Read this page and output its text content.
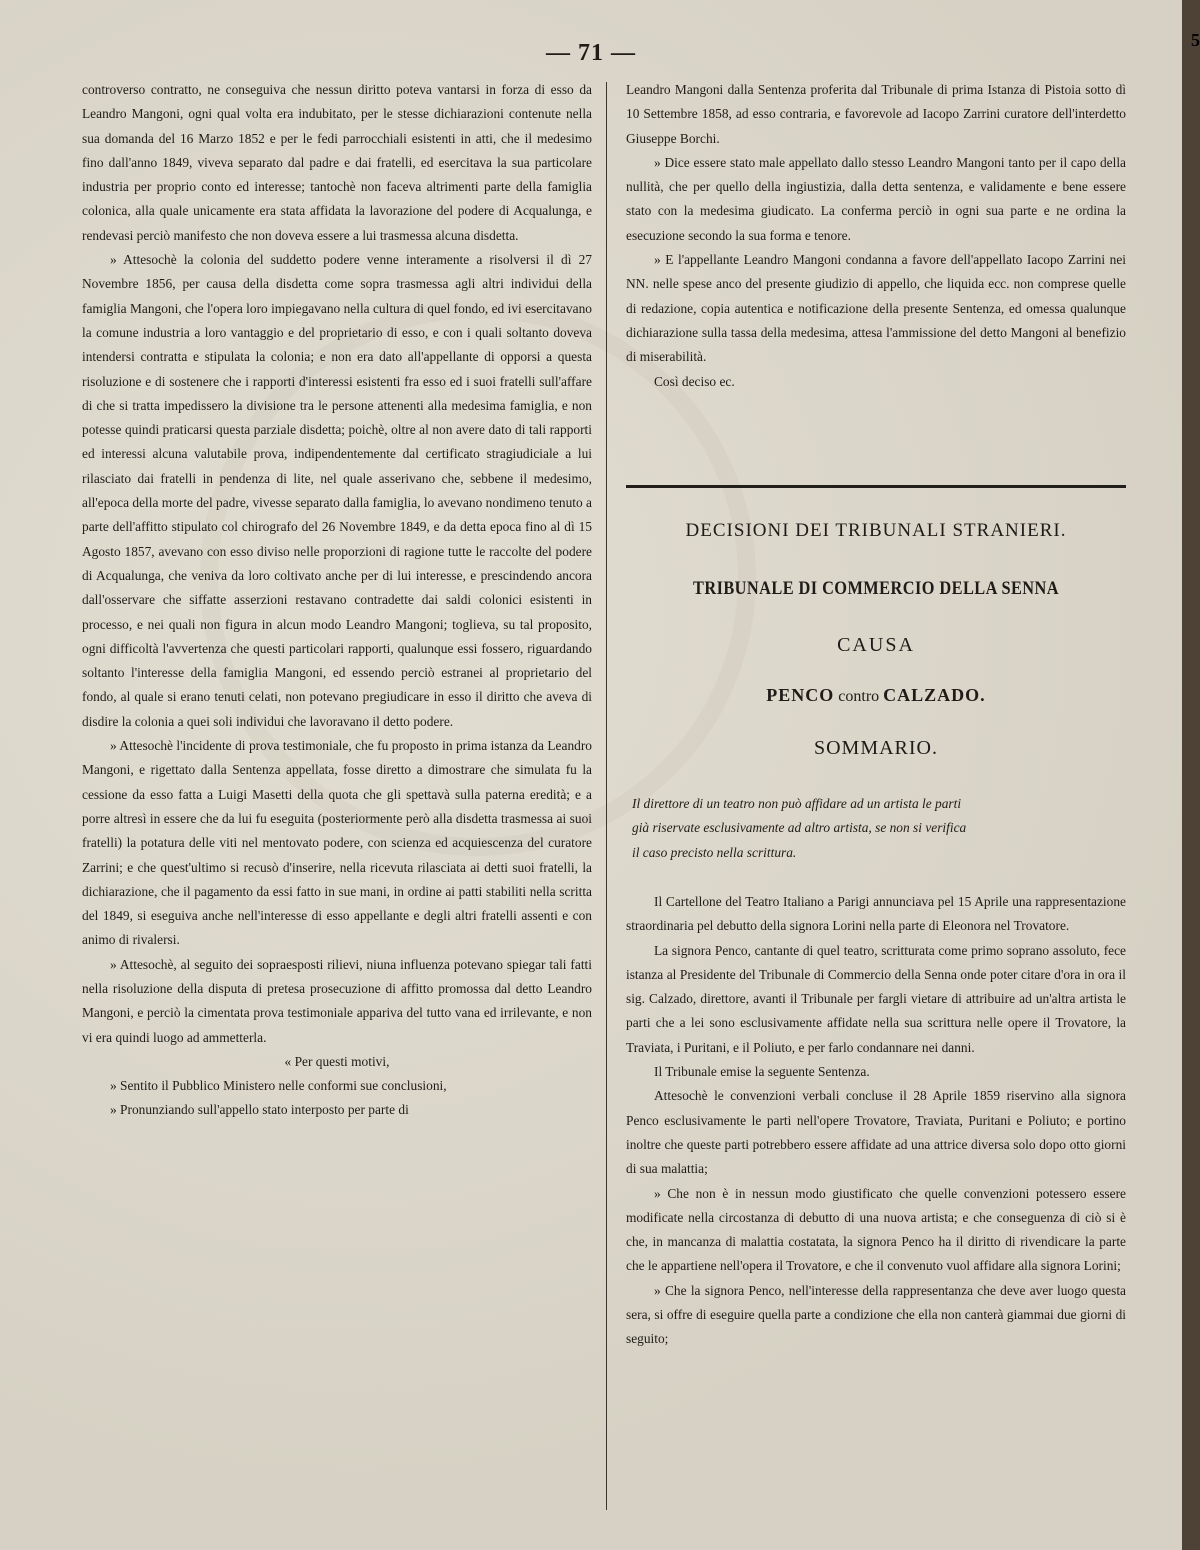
— 71 —

controverso contratto, ne conseguiva che nessun diritto poteva vantarsi in forza di esso da Leandro Mangoni, ogni qual volta era indubitato, per le stesse dichiarazioni contenute nella sua domanda del 16 Marzo 1852 e per le fedi parrocchiali esistenti in atti, che il medesimo fino dall'anno 1849, viveva separato dal padre e dai fratelli, ed esercitava la sua particolare industria per proprio conto ed interesse; tantochè non faceva altrimenti parte della famiglia colonica, alla quale unicamente era stata affidata la lavorazione del podere di Acqualunga, e rendevasi perciò manifesto che non doveva essere a lui trasmessa alcuna disdetta.

» Attesochè la colonia del suddetto podere venne interamente a risolversi il dì 27 Novembre 1856, per causa della disdetta come sopra trasmessa agli altri individui della famiglia Mangoni, che l'opera loro impiegavano nella cultura di quel fondo, ed ivi esercitavano la comune industria a loro vantaggio e del proprietario di esso, e con i quali soltanto doveva intendersi contratta e stipulata la colonia; e non era dato all'appellante di opporsi a questa risoluzione e di sostenere che i rapporti d'interessi esistenti fra esso ed i suoi fratelli sull'affare di che si tratta impedissero la divisione tra le persone attenenti alla medesima famiglia, e non potesse quindi praticarsi questa parziale disdetta; poichè, oltre al non avere dato di tali rapporti ed interessi alcuna valutabile prova, indipendentemente dal certificato stragiudiciale a lui rilasciato dai fratelli in pendenza di lite, nel quale asserivano che, sebbene il medesimo, all'epoca della morte del padre, vivesse separato dalla famiglia, lo avevano nondimeno tenuto a parte dell'affitto stipulato col chirografo del 26 Novembre 1849, e da detta epoca fino al dì 15 Agosto 1857, avevano con esso diviso nelle proporzioni di ragione tutte le raccolte del podere di Acqualunga, che veniva da loro coltivato anche per di lui interesse, e prescindendo ancora dall'osservare che siffatte asserzioni restavano contradette dai saldi colonici esistenti in processo, e nei quali non figura in alcun modo Leandro Mangoni; toglieva, su tal proposito, ogni difficoltà l'avvertenza che questi particolari rapporti, qualunque essi fossero, riguardando soltanto l'interesse della famiglia Mangoni, ed essendo perciò estranei al proprietario del fondo, al quale si erano tenuti celati, non potevano pregiudicare in esso il diritto che aveva di disdire la colonia a quei soli individui che lavoravano il detto podere.

» Attesochè l'incidente di prova testimoniale, che fu proposto in prima istanza da Leandro Mangoni, e rigettato dalla Sentenza appellata, fosse diretto a dimostrare che simulata fu la cessione da esso fatta a Luigi Masetti della quota che gli spettavà sulla paterna eredità; e a porre altresì in essere che da lui fu eseguita (posteriormente però alla disdetta trasmessa ai suoi fratelli) la potatura delle viti nel mentovato podere, con scienza ed acquiescenza del curatore Zarrini; e che quest'ultimo si recusò d'inserire, nella ricevuta rilasciata ai detti suoi fratelli, la dichiarazione, che il pagamento da essi fatto in sue mani, in ordine ai patti stabiliti nella scritta del 1849, si eseguiva anche nell'interesse di esso appellante e degli altri fratelli assenti e con animo di rivalersi.

» Attesochè, al seguito dei sopraesposti rilievi, niuna influenza potevano spiegar tali fatti nella risoluzione della disputa di pretesa prosecuzione di affitto promossa dal detto Leandro Mangoni, e perciò la cimentata prova testimoniale appariva del tutto vana ed irrilevante, e non vi era quindi luogo ad ammetterla.

« Per questi motivi,

» Sentito il Pubblico Ministero nelle conformi sue conclusioni,

» Pronunziando sull'appello stato interposto per parte di

Leandro Mangoni dalla Sentenza proferita dal Tribunale di prima Istanza di Pistoia sotto dì 10 Settembre 1858, ad esso contraria, e favorevole ad Iacopo Zarrini curatore dell'interdetto Giuseppe Borchi.

» Dice essere stato male appellato dallo stesso Leandro Mangoni tanto per il capo della nullità, che per quello della ingiustizia, dalla detta sentenza, e validamente e bene essere stato con la medesima giudicato. La conferma perciò in ogni sua parte e ne ordina la esecuzione secondo la sua forma e tenore.

» E l'appellante Leandro Mangoni condanna a favore dell'appellato Iacopo Zarrini nei NN. nelle spese anco del presente giudizio di appello, che liquida ecc. non comprese quelle di redazione, copia autentica e notificazione della presente Sentenza, ed omessa qualunque dichiarazione sulla tassa della medesima, attesa l'ammissione del detto Mangoni al benefizio di miserabilità.

Così deciso ec.

DECISIONI DEI TRIBUNALI STRANIERI.
TRIBUNALE DI COMMERCIO DELLA SENNA
CAUSA
PENCO contro CALZADO.
SOMMARIO.
Il direttore di un teatro non può affidare ad un artista le parti
già riservate esclusivamente ad altro artista, se non si verifica
il caso precisto nella scrittura.

Il Cartellone del Teatro Italiano a Parigi annunciava pel 15 Aprile una rappresentazione straordinaria pel debutto della signora Lorini nella parte di Eleonora nel Trovatore.

La signora Penco, cantante di quel teatro, scritturata come primo soprano assoluto, fece istanza al Presidente del Tribunale di Commercio della Senna onde poter citare d'ora in ora il sig. Calzado, direttore, avanti il Tribunale per fargli vietare di attribuire ad un'altra artista le parti che a lei sono esclusivamente affidate nella sua scrittura nelle opere il Trovatore, la Traviata, i Puritani, e il Poliuto, e per farlo condannare nei danni.

Il Tribunale emise la seguente Sentenza.

Attesochè le convenzioni verbali concluse il 28 Aprile 1859 riservino alla signora Penco esclusivamente le parti nell'opere Trovatore, Traviata, Puritani e Poliuto; e portino inoltre che queste parti potrebbero essere affidate ad una attrice diversa solo dopo otto giorni di sua malattia;

» Che non è in nessun modo giustificato che quelle convenzioni potessero essere modificate nella circostanza di debutto di una nuova artista; e che conseguenza di ciò si è che, in mancanza di malattia costatata, la signora Penco ha il diritto di rivendicare la parte che le appartiene nell'opera il Trovatore, e che il convenuto vuol affidare alla signora Lorini;

» Che la signora Penco, nell'interesse della rappresentanza che deve aver luogo questa sera, si offre di eseguire quella parte a condizione che ella non canterà giammai due giorni di seguito;

5
